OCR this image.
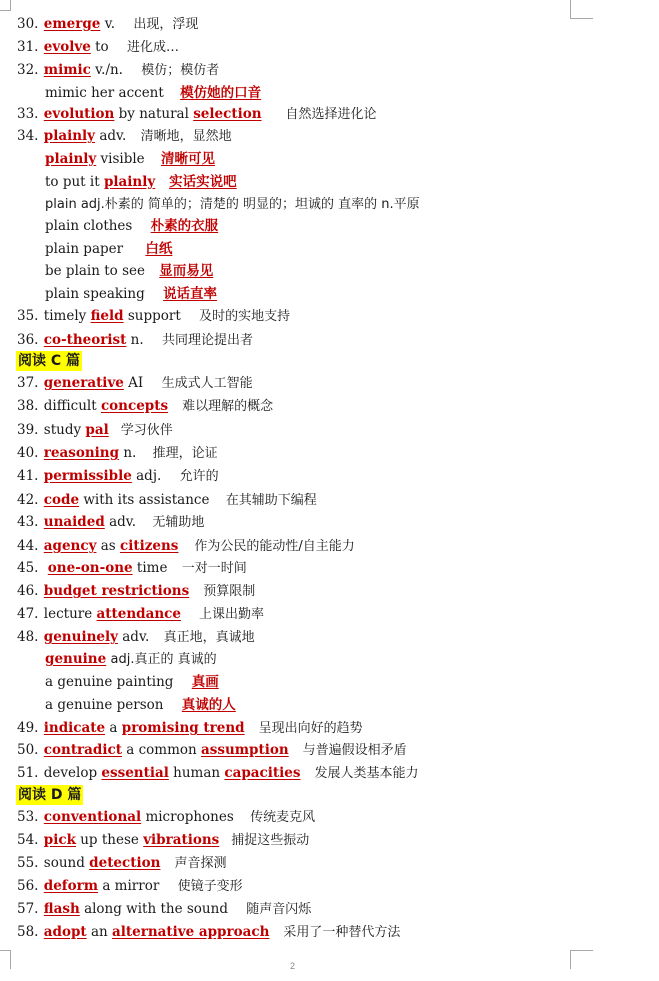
30. emerge v. 出现，浮现
31. evolve to 进化成…
32. mimic v./n. 模仿；模仿者
mimic her accent 模仿她的口音
33. evolution by natural selection 自然选择进化论
34. plainly adv. 清晰地，显然地
plainly visible 清晰可见
to put it plainly 实话实说吧
plain adj.朴素的 简单的；清楚的 明显的；坦诚的 直率的 n.平原
plain clothes 朴素的衣服
plain paper 白纸
be plain to see 显而易见
plain speaking 说话直率
35. timely field support 及时的实地支持
36. co-theorist n. 共同理论提出者
阅读 C 篇
37. generative AI 生成式人工智能
38. difficult concepts 难以理解的概念
39. study pal 学习伙伴
40. reasoning n. 推理，论证
41. permissible adj. 允许的
42. code with its assistance 在其辅助下编程
43. unaided adv. 无辅助地
44. agency as citizens 作为公民的能动性/自主能力
45. one-on-one time 一对一时间
46. budget restrictions 预算限制
47. lecture attendance 上课出勤率
48. genuinely adv. 真正地，真诚地
genuine adj.真正的 真诚的
a genuine painting 真画
a genuine person 真诚的人
49. indicate a promising trend 呈现出向好的趋势
50. contradict a common assumption 与普遍假设相矛盾
51. develop essential human capacities 发展人类基本能力
阅读 D 篇
53. conventional microphones 传统麦克风
54. pick up these vibrations 捕捉这些振动
55. sound detection 声音探测
56. deform a mirror 使镜子变形
57. flash along with the sound 随声音闪烁
58. adopt an alternative approach 采用了一种替代方法
2
